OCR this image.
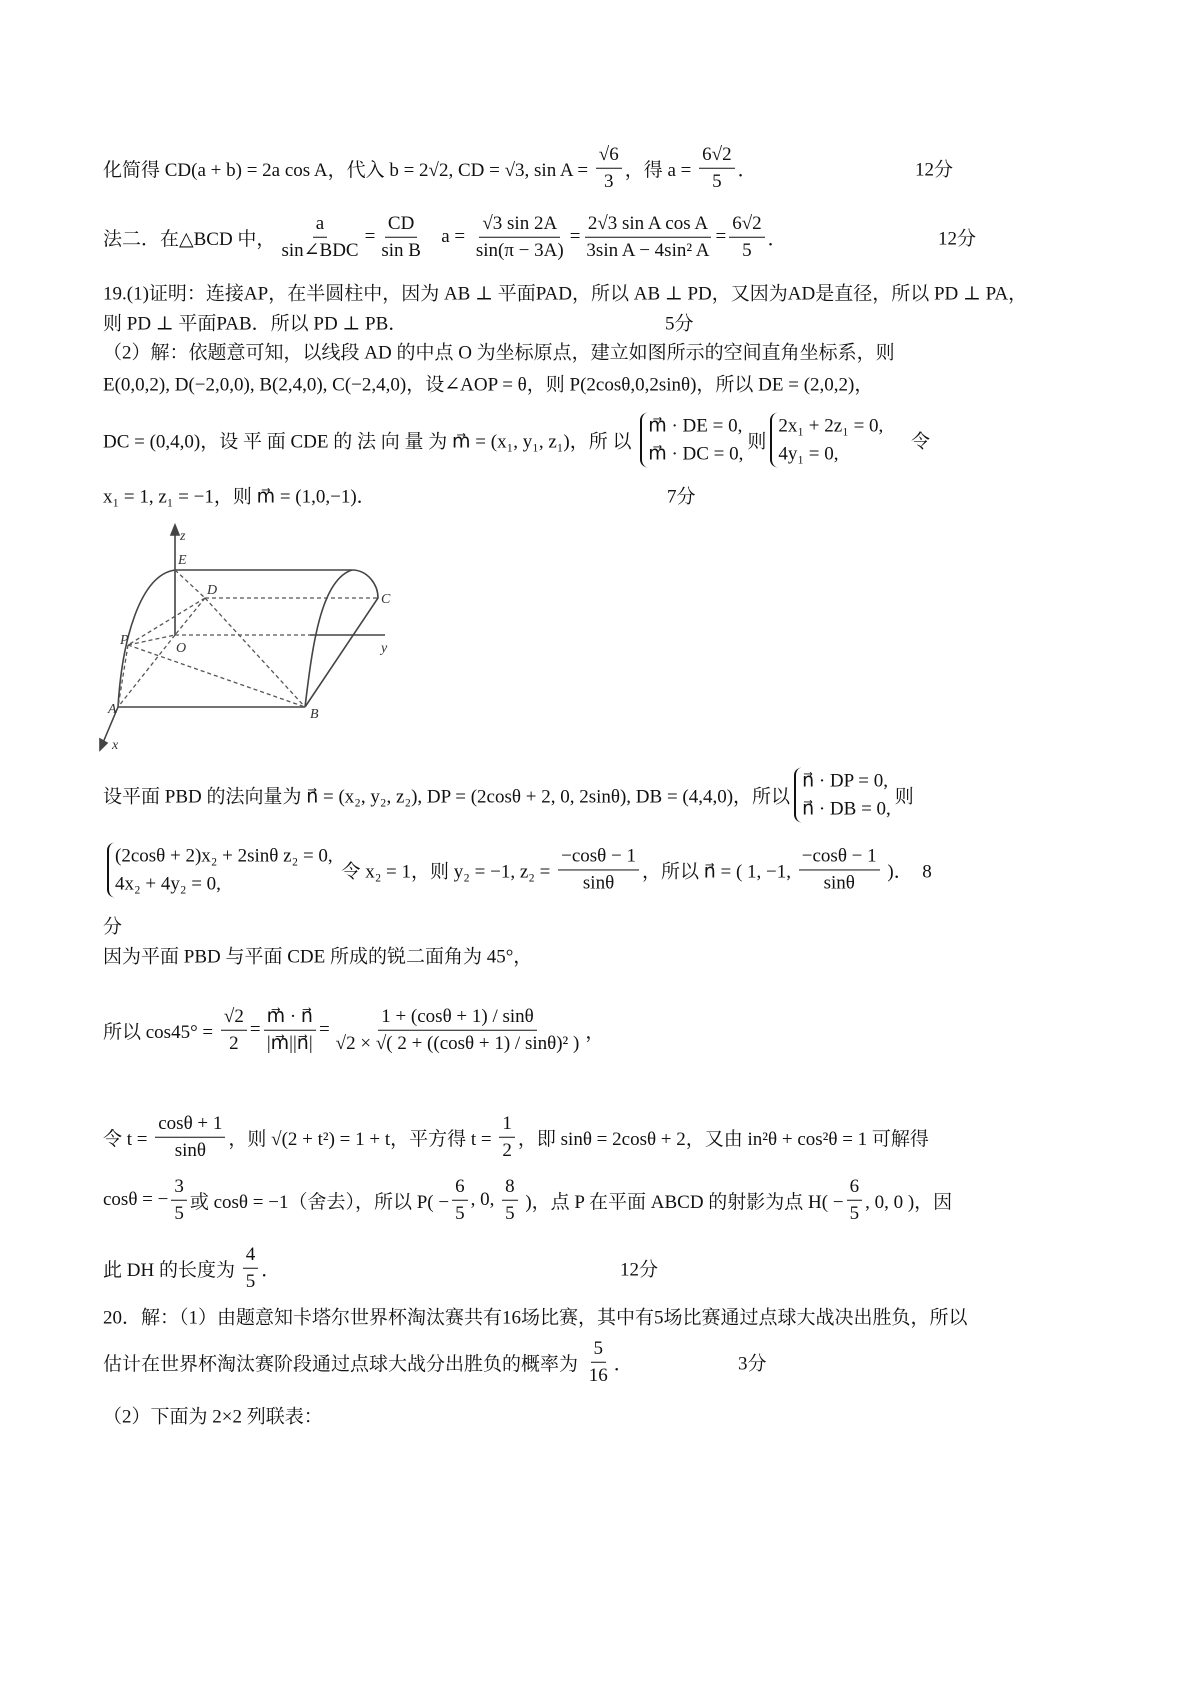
化简得 CD(a + b) = 2a cos A，代入 b = 2√2, CD = √3, $\sin A = \frac{√6}{3}$ ，得 $a = \frac{6√2}{5}$ ．	12分
法二．在△BCD 中， $\frac{a}{\text{sin∠BDC}} = \frac{CD}{\text{sin B}}$ $a = \frac{√3 \sin 2A}{\sin(\pi - 3A)} = \frac{\text{2√3 sin A cos A}}{\text{3sin A − 4sin² A}} = \frac{6√2}{5}$ ．	12分
19.(1)证明：连接AP，在半圆柱中，因为 AB ⊥ 平面PAD，所以 AB ⊥ PD，又因为AD是直径，所以 PD ⊥ PA，
则 PD ⊥ 平面PAB．所以 PD ⊥ PB．	5分
（2）解：依题意可知，以线段 AD 的中点 O 为坐标原点，建立如图所示的空间直角坐标系，则
E(0,0,2), D(−2,0,0), B(2,4,0), C(−2,4,0)，设∠AOP = θ，则 P(2cosθ,0,2sinθ)，所以 DE = (2,0,2)，
DC = (0,4,0)，设 平 面 CDE 的 法 向 量 为 m⃗ = (x₁, y₁, z₁)，所 以
m⃗ · DE = 0,
m⃗ · DC = 0,
则
2x₁ + 2z₁ = 0,
4y₁ = 0,
令
x₁ = 1, z₁ = −1，则 m⃗ = (1,0,−1)．	7分
设平面 PBD 的法向量为 n⃗ = (x₂, y₂, z₂), DP = (2cosθ + 2, 0, 2sinθ), DB = (4,4,0)，所以
n⃗ · DP = 0,
n⃗ · DB = 0,
则
(2cosθ + 2)x₂ + 2sinθ z₂ = 0,
4x₂ + 4y₂ = 0,
令 x₂ = 1，则 y₂ = −1, $z_2 = \frac{-\cos\theta - 1}{\sin\theta}$ ，所以 n⃗ = ( 1, −1, $\frac{-\cos\theta - 1}{\sin\theta}$ )．  8
分
因为平面 PBD 与平面 CDE 所成的锐二面角为 45°，
所以 $\cos 45^\circ = \frac{√2}{2} = \frac{m⃗ \cdot n⃗}{|m⃗||n⃗|} = \frac{1 + (\cos\theta + 1) / \sin\theta}{\text{√2 × √( 2 + ((cosθ + 1) / sinθ)² )}}$ ，
令 $t = \frac{\cos\theta + 1}{\sin\theta}$ ，则 √(2 + t²) = 1 + t，平方得 $t = \frac{1}{2}$ ，即 sinθ = 2cosθ + 2，又由 in²θ + cos²θ = 1 可解得
cosθ = − $\frac{3}{5}$ 或 cosθ = −1（舍去），所以 $P( - \frac{6}{5}$ , 0, $\frac{8}{5}$ )，点 P 在平面 ABCD 的射影为点 $H( - \frac{6}{5}$ , 0, 0 )，因
此 DH 的长度为 $\frac{4}{5}$ ．	12分
20．解：（1）由题意知卡塔尔世界杯淘汰赛共有16场比赛，其中有5场比赛通过点球大战决出胜负，所以
估计在世界杯淘汰赛阶段通过点球大战分出胜负的概率为 $\frac{5}{16}$ ．	3分
（2）下面为 2×2 列联表：
z
E
D
C
P
O	y
A	B
x
